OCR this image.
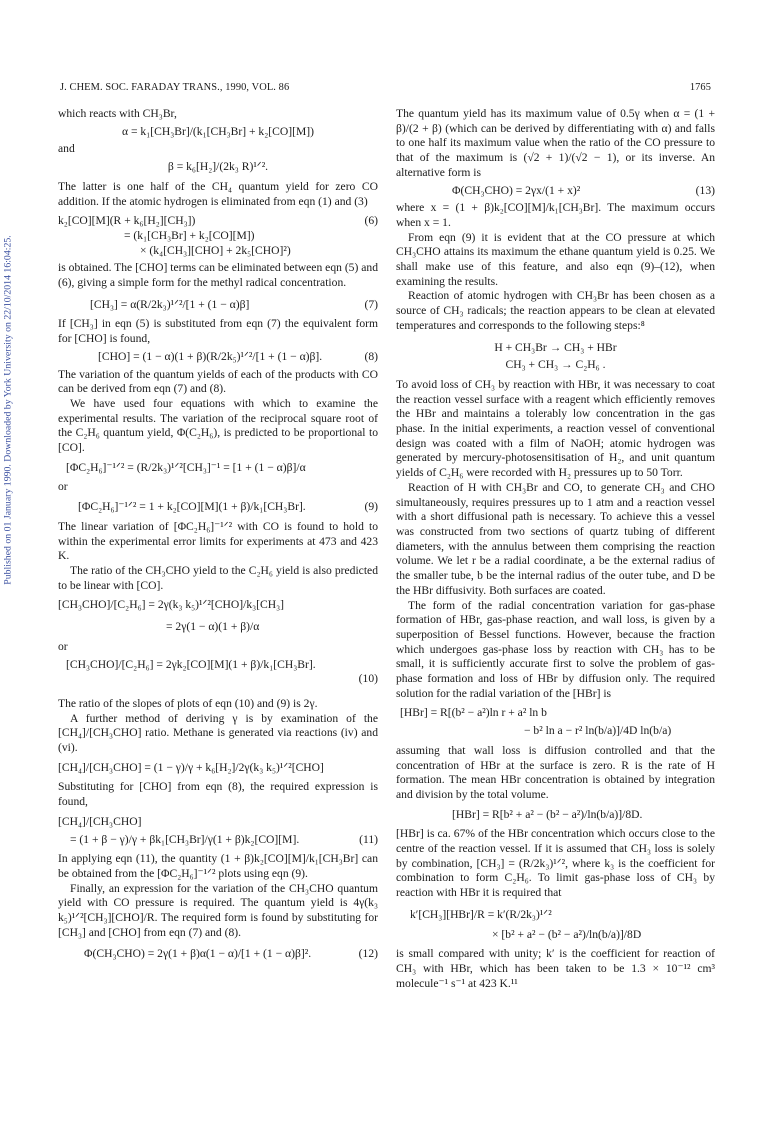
J. CHEM. SOC. FARADAY TRANS., 1990, VOL. 86	1765
Published on 01 January 1990. Downloaded by York University on 22/10/2014 16:04:25.

which reacts with CH₃Br,

α = k₁[CH₃Br]/(k₁[CH₃Br] + k₂[CO][M])

and

β = k₆[H₂]/(2k₃ R)¹ᐟ².

The latter is one half of the CH₄ quantum yield for zero CO addition. If the atomic hydrogen is eliminated from eqn (1) and (3)

k₂[CO][M](R + k₆[H₂][CH₃])
= (k₁[CH₃Br] + k₂[CO][M])
× (k₄[CH₃][CHO] + 2k₅[CHO]²)
(6)

is obtained. The [CHO] terms can be eliminated between eqn (5) and (6), giving a simple form for the methyl radical concentration.

[CH₃] = α(R/2k₃)¹ᐟ²/[1 + (1 − α)β]	(7)

If [CH₃] in eqn (5) is substituted from eqn (7) the equivalent form for [CHO] is found,

[CHO] = (1 − α)(1 + β)(R/2k₅)¹ᐟ²/[1 + (1 − α)β].	(8)

The variation of the quantum yields of each of the products with CO can be derived from eqn (7) and (8).

We have used four equations with which to examine the experimental results. The variation of the reciprocal square root of the C₂H₆ quantum yield, Φ(C₂H₆), is predicted to be proportional to [CO].

[ΦC₂H₆]⁻¹ᐟ² = (R/2k₃)¹ᐟ²[CH₃]⁻¹ = [1 + (1 − α)β]/α

or

[ΦC₂H₆]⁻¹ᐟ² = 1 + k₂[CO][M](1 + β)/k₁[CH₃Br].	(9)

The linear variation of [ΦC₂H₆]⁻¹ᐟ² with CO is found to hold to within the experimental error limits for experiments at 473 and 423 K.

The ratio of the CH₃CHO yield to the C₂H₆ yield is also predicted to be linear with [CO].

[CH₃CHO]/[C₂H₆] = 2γ(k₃ k₅)¹ᐟ²[CHO]/k₃[CH₃]

= 2γ(1 − α)(1 + β)/α

or

[CH₃CHO]/[C₂H₆] = 2γk₂[CO][M](1 + β)/k₁[CH₃Br].

(10)

The ratio of the slopes of plots of eqn (10) and (9) is 2γ.

A further method of deriving γ is by examination of the [CH₄]/[CH₃CHO] ratio. Methane is generated via reactions (iv) and (vi).

[CH₄]/[CH₃CHO] = (1 − γ)/γ + k₆[H₂]/2γ(k₃ k₅)¹ᐟ²[CHO]

Substituting for [CHO] from eqn (8), the required expression is found,

[CH₄]/[CH₃CHO]

= (1 + β − γ)/γ + βk₁[CH₃Br]/γ(1 + β)k₂[CO][M].	(11)

In applying eqn (11), the quantity (1 + β)k₂[CO][M]/k₁[CH₃Br] can be obtained from the [ΦC₂H₆]⁻¹ᐟ² plots using eqn (9).

Finally, an expression for the variation of the CH₃CHO quantum yield with CO pressure is required. The quantum yield is 4γ(k₃ k₅)¹ᐟ²[CH₃][CHO]/R. The required form is found by substituting for [CH₃] and [CHO] from eqn (7) and (8).

Φ(CH₃CHO) = 2γ(1 + β)α(1 − α)/[1 + (1 − α)β]².	(12)

The quantum yield has its maximum value of 0.5γ when α = (1 + β)/(2 + β) (which can be derived by differentiating with α) and falls to one half its maximum value when the ratio of the CO pressure to that of the maximum is (√2 + 1)/(√2 − 1), or its inverse. An alternative form is

Φ(CH₃CHO) = 2γx/(1 + x)²	(13)

where x = (1 + β)k₂[CO][M]/k₁[CH₃Br]. The maximum occurs when x = 1.

From eqn (9) it is evident that at the CO pressure at which CH₃CHO attains its maximum the ethane quantum yield is 0.25. We shall make use of this feature, and also eqn (9)–(12), when examining the results.

Reaction of atomic hydrogen with CH₃Br has been chosen as a source of CH₃ radicals; the reaction appears to be clean at elevated temperatures and corresponds to the following steps:⁸

H + CH₃Br → CH₃ + HBr

CH₃ + CH₃ → C₂H₆ .

To avoid loss of CH₃ by reaction with HBr, it was necessary to coat the reaction vessel surface with a reagent which efficiently removes the HBr and maintains a tolerably low concentration in the gas phase. In the initial experiments, a reaction vessel of conventional design was coated with a film of NaOH; atomic hydrogen was generated by mercury-photosensitisation of H₂, and unit quantum yields of C₂H₆ were recorded with H₂ pressures up to 50 Torr.

Reaction of H with CH₃Br and CO, to generate CH₃ and CHO simultaneously, requires pressures up to 1 atm and a reaction vessel with a short diffusional path is necessary. To achieve this a vessel was constructed from two sections of quartz tubing of different diameters, with the annulus between them comprising the reaction volume. We let r be a radial coordinate, a be the external radius of the smaller tube, b be the internal radius of the outer tube, and D be the HBr diffusivity. Both surfaces are coated.

The form of the radial concentration variation for gas-phase formation of HBr, gas-phase reaction, and wall loss, is given by a superposition of Bessel functions. However, because the fraction which undergoes gas-phase loss by reaction with CH₃ has to be small, it is sufficiently accurate first to solve the problem of gas-phase formation and loss of HBr by diffusion only. The required solution for the radial variation of the [HBr] is

[HBr] = R[(b² − a²)ln r + a² ln b

− b² ln a − r² ln(b/a)]/4D ln(b/a)

assuming that wall loss is diffusion controlled and that the concentration of HBr at the surface is zero. R is the rate of H formation. The mean HBr concentration is obtained by integration and division by the total volume.

[HBr] = R[b² + a² − (b² − a²)/ln(b/a)]/8D.

[HBr] is ca. 67% of the HBr concentration which occurs close to the centre of the reaction vessel. If it is assumed that CH₃ loss is solely by combination, [CH₃] = (R/2k₃)¹ᐟ², where k₃ is the coefficient for combination to form C₂H₆. To limit gas-phase loss of CH₃ by reaction with HBr it is required that

k′[CH₃][HBr]/R = k′(R/2k₃)¹ᐟ²

× [b² + a² − (b² − a²)/ln(b/a)]/8D

is small compared with unity; k′ is the coefficient for reaction of CH₃ with HBr, which has been taken to be 1.3 × 10⁻¹² cm³ molecule⁻¹ s⁻¹ at 423 K.¹¹
